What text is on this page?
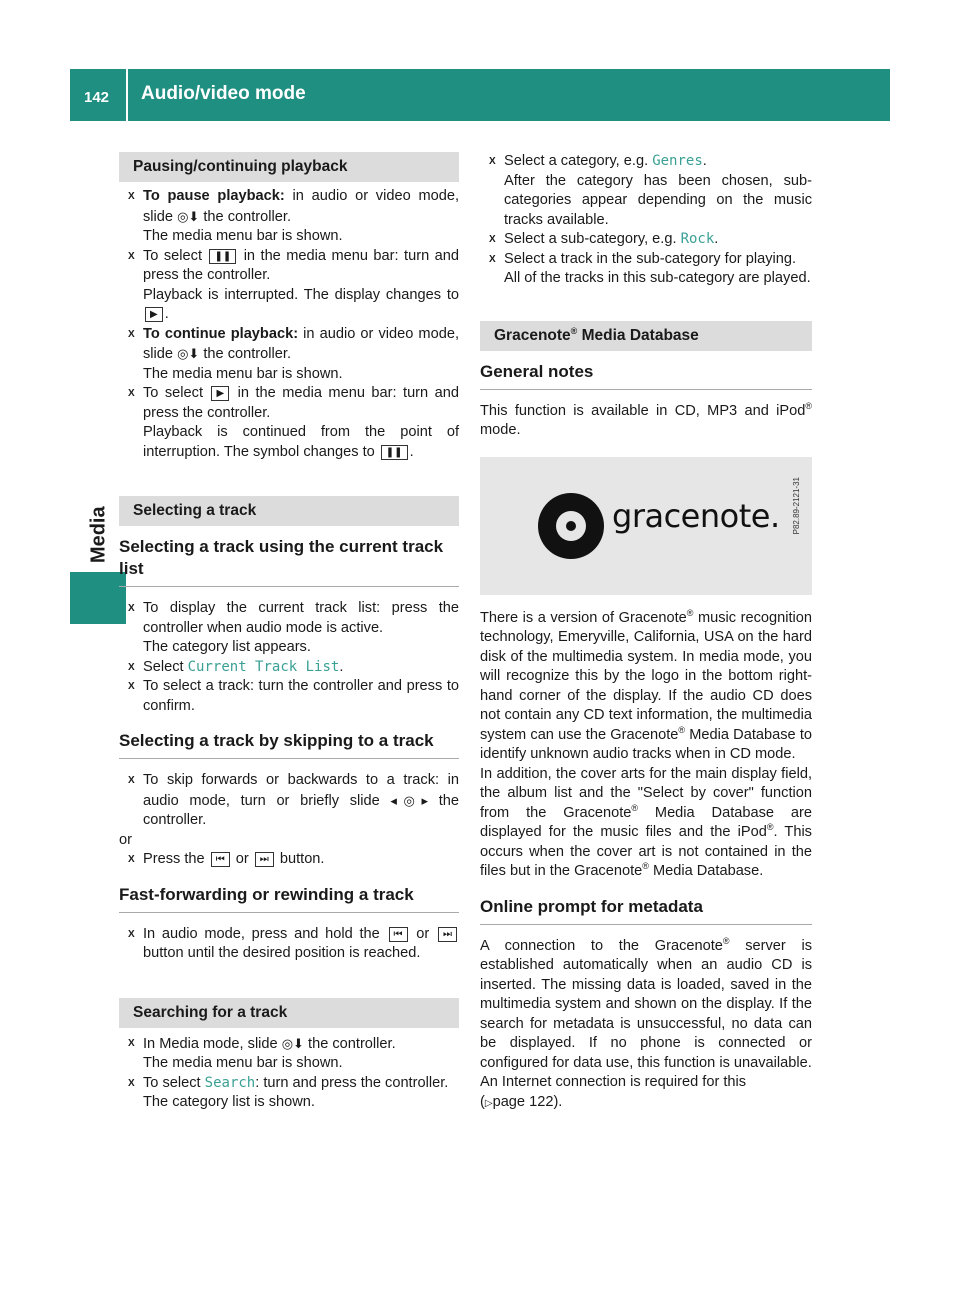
142 Audio/video mode
Media
Pausing/continuing playback
X To pause playback: in audio or video mode, slide ◎⬇ the controller.
The media menu bar is shown.
X To select ❚❚ in the media menu bar: turn and press the controller.
Playback is interrupted. The display changes to ▶ .
X To continue playback: in audio or video mode, slide ◎⬇ the controller.
The media menu bar is shown.
X To select ▶ in the media menu bar: turn and press the controller.
Playback is continued from the point of interruption. The symbol changes to ❚❚ .
Selecting a track
Selecting a track using the current track list
X To display the current track list: press the controller when audio mode is active.
The category list appears.
X Select Current Track List.
X To select a track: turn the controller and press to confirm.
Selecting a track by skipping to a track
X To skip forwards or backwards to a track: in audio mode, turn or briefly slide ◂◎▸ the controller.
or
X Press the ⏮ or ⏭ button.
Fast-forwarding or rewinding a track
X In audio mode, press and hold the ⏮ or ⏭ button until the desired position is reached.
Searching for a track
X In Media mode, slide ◎⬇ the controller.
The media menu bar is shown.
X To select Search: turn and press the controller.
The category list is shown.
X Select a category, e.g. Genres.
After the category has been chosen, sub-categories appear depending on the music tracks available.
X Select a sub-category, e.g. Rock.
X Select a track in the sub-category for playing.
All of the tracks in this sub-category are played.
Gracenote® Media Database
General notes
This function is available in CD, MP3 and iPod® mode.
gracenote.	P82.89-2121-31
There is a version of Gracenote® music recognition technology, Emeryville, California, USA on the hard disk of the multimedia system. In media mode, you will recognize this by the logo in the bottom right-hand corner of the display. If the audio CD does not contain any CD text information, the multimedia system can use the Gracenote® Media Database to identify unknown audio tracks when in CD mode.
In addition, the cover arts for the main display field, the album list and the "Select by cover" function from the Gracenote® Media Database are displayed for the music files and the iPod®. This occurs when the cover art is not contained in the files but in the Gracenote® Media Database.
Online prompt for metadata
A connection to the Gracenote® server is established automatically when an audio CD is inserted. The missing data is loaded, saved in the multimedia system and shown on the display. If the search for metadata is unsuccessful, no data can be displayed. If no phone is connected or configured for data use, this function is unavailable.
An Internet connection is required for this
(▷page 122).
